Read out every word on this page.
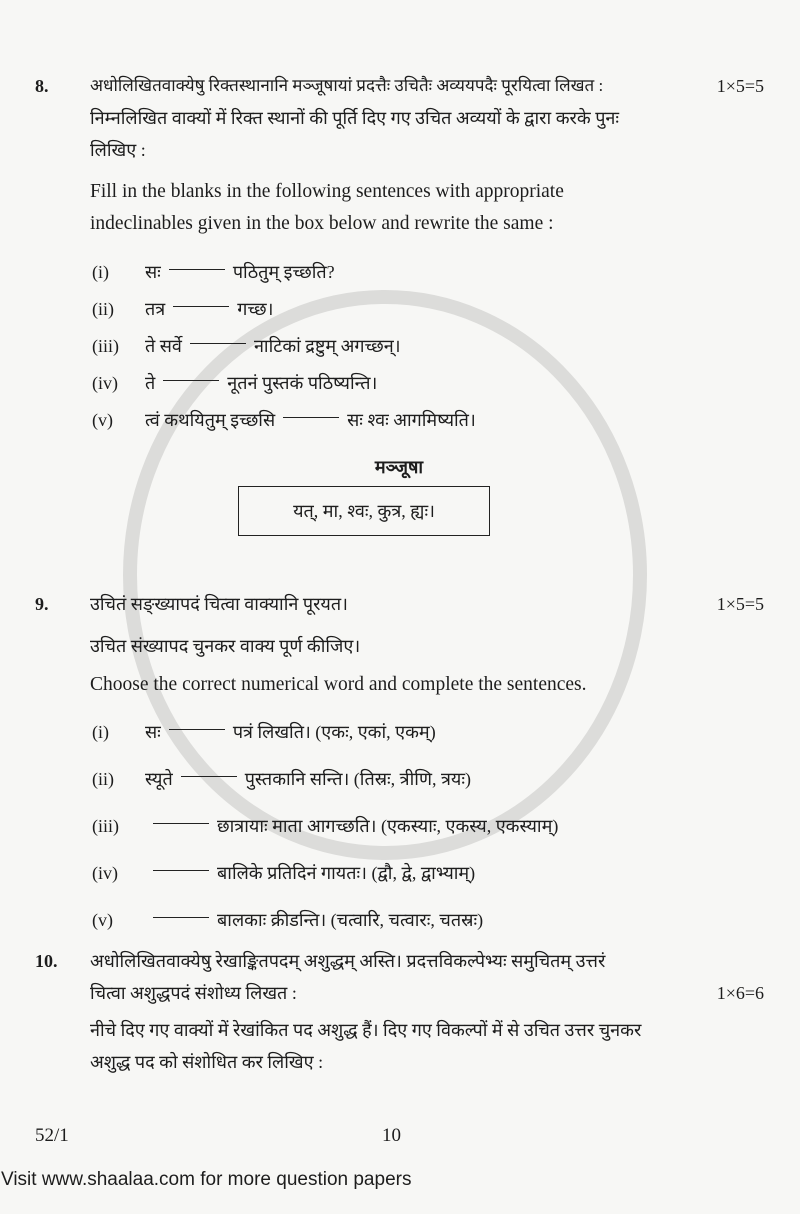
8.	अधोलिखितवाक्येषु रिक्तस्थानानि मञ्जूषायां प्रदत्तैः उचितैः अव्ययपदैः पूरयित्वा लिखत :	1×5=5
निम्नलिखित वाक्यों में रिक्त स्थानों की पूर्ति दिए गए उचित अव्ययों के द्वारा करके पुनः
लिखिए :
Fill in the blanks in the following sentences with appropriate
indeclinables given in the box below and rewrite the same :
(i)	सः	पठितुम् इच्छति?
(ii)	तत्र	गच्छ।
(iii)	ते सर्वे	नाटिकां द्रष्टुम् अगच्छन्।
(iv)	ते	नूतनं पुस्तकं पठिष्यन्ति।
(v)	त्वं कथयितुम् इच्छसि	सः श्वः आगमिष्यति।
मञ्जूषा
यत्, मा, श्वः, कुत्र, ह्यः।
9.	उचितं सङ्ख्यापदं चित्वा वाक्यानि पूरयत।	1×5=5
उचित संख्यापद चुनकर वाक्य पूर्ण कीजिए।
Choose the correct numerical word and complete the sentences.
(i)	सः	पत्रं लिखति। (एकः, एकां, एकम्)
(ii)	स्यूते	पुस्तकानि सन्ति। (तिस्रः, त्रीणि, त्रयः)
(iii)	छात्रायाः माता आगच्छति। (एकस्याः, एकस्य, एकस्याम्)
(iv)	बालिके प्रतिदिनं गायतः। (द्वौ, द्वे, द्वाभ्याम्)
(v)	बालकाः क्रीडन्ति। (चत्वारि, चत्वारः, चतस्रः)
10.	अधोलिखितवाक्येषु रेखाङ्कितपदम् अशुद्धम् अस्ति। प्रदत्तविकल्पेभ्यः समुचितम् उत्तरं
चित्वा अशुद्धपदं संशोध्य लिखत :	1×6=6
नीचे दिए गए वाक्यों में रेखांकित पद अशुद्ध हैं। दिए गए विकल्पों में से उचित उत्तर चुनकर
अशुद्ध पद को संशोधित कर लिखिए :
52/1	10
Visit www.shaalaa.com for more question papers
